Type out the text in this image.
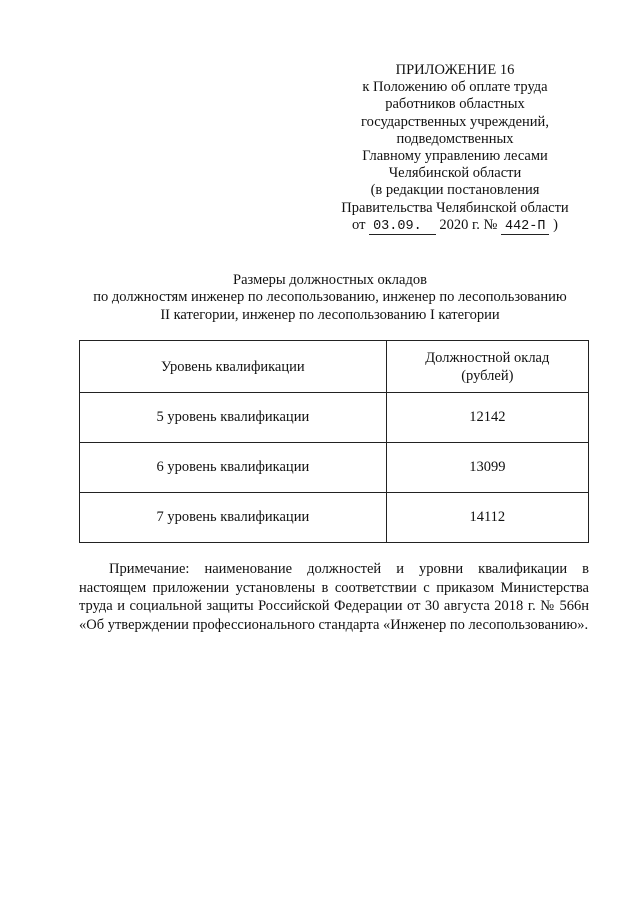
ПРИЛОЖЕНИЕ 16
к Положению об оплате труда
работников областных
государственных учреждений,
подведомственных
Главному управлению лесами
Челябинской области
(в редакции постановления
Правительства Челябинской области
от 03.09. 2020 г. № 442-П )
Размеры должностных окладов
по должностям инженер по лесопользованию, инженер по лесопользованию
II категории, инженер по лесопользованию I категории
Уровень квалификации	Должностной оклад
(рублей)

5 уровень квалификации	12142
6 уровень квалификации	13099
7 уровень квалификации	14112
Примечание: наименование должностей и уровни квалификации в настоящем приложении установлены в соответствии с приказом Министерства труда и социальной защиты Российской Федерации от 30 августа 2018 г. № 566н «Об утверждении профессионального стандарта «Инженер по лесопользованию».
